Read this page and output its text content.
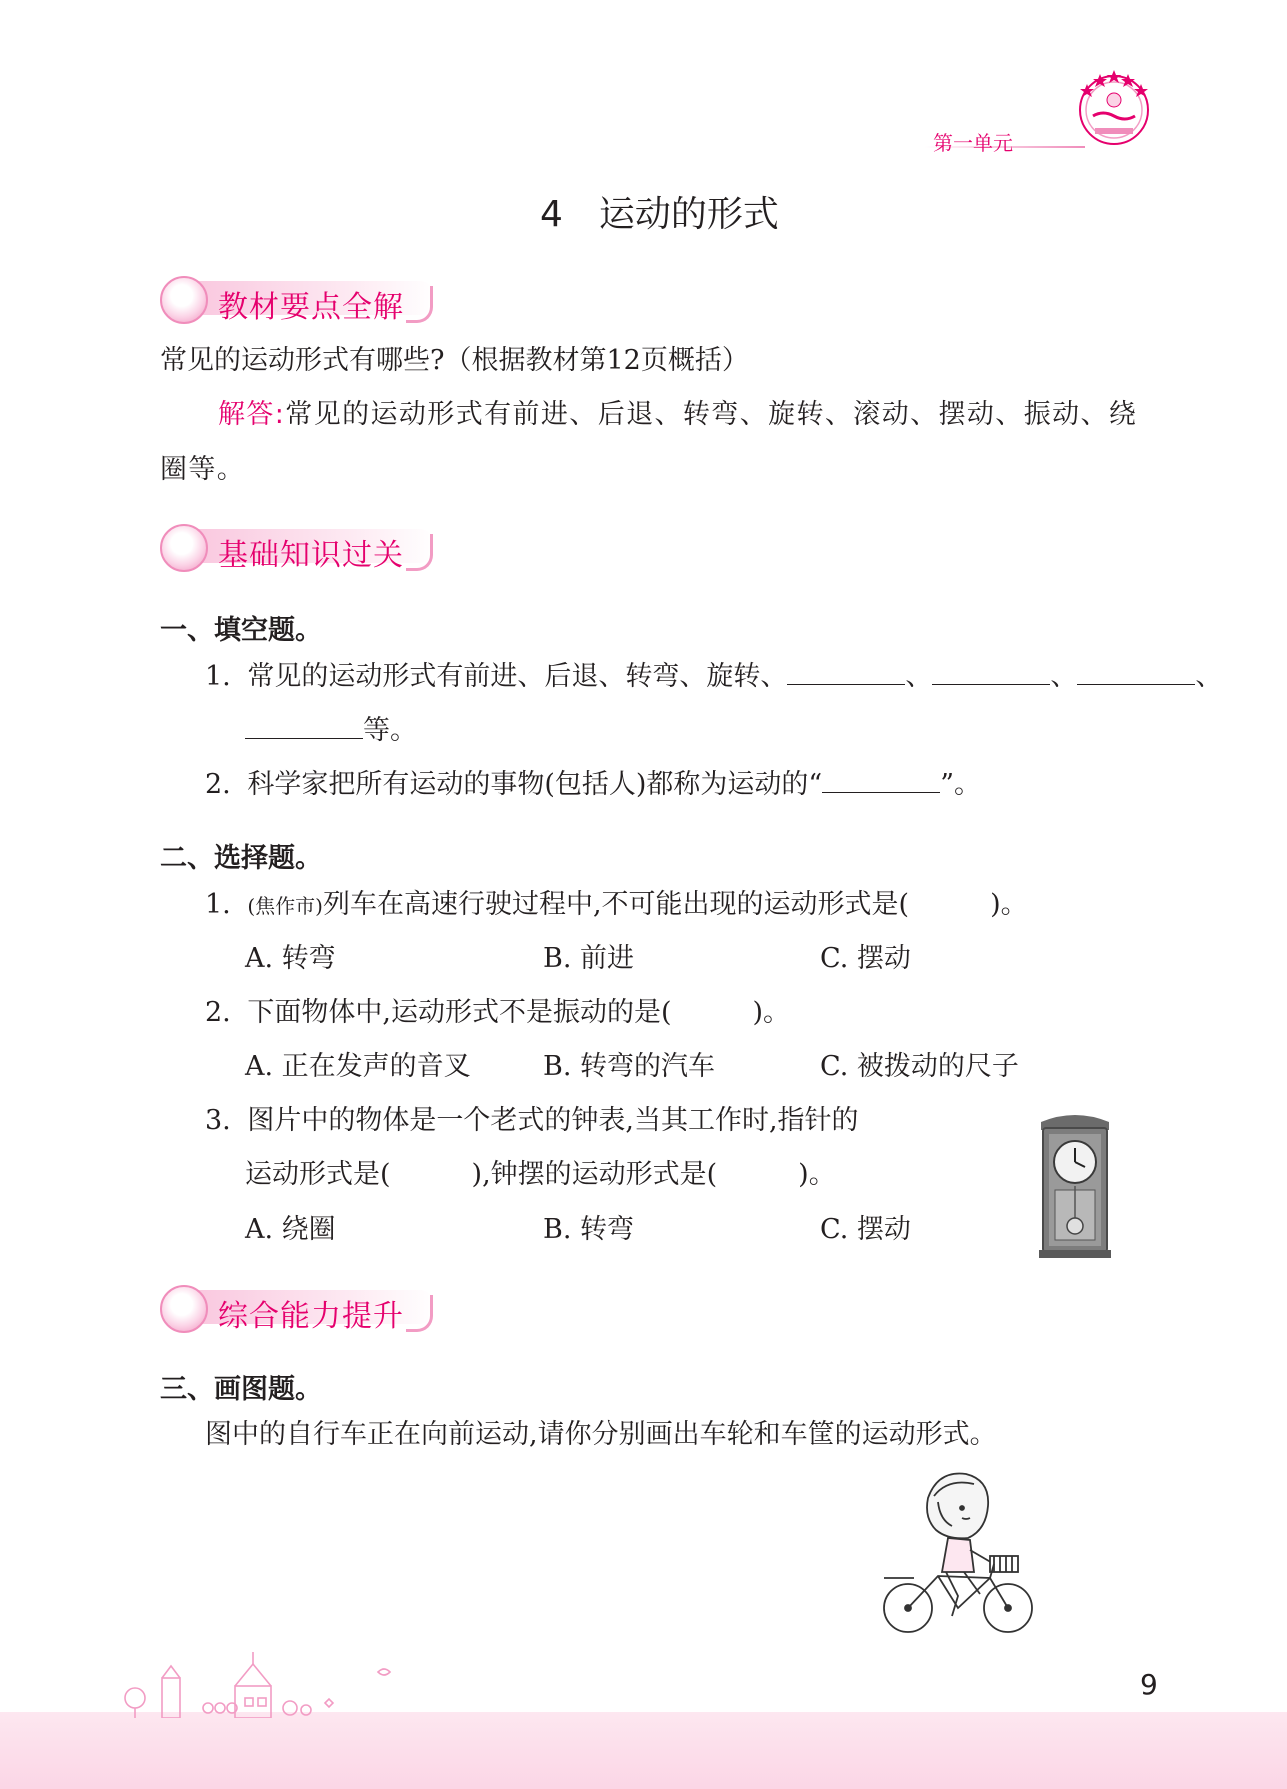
第一单元
4　运动的形式
教材要点全解
常见的运动形式有哪些?（根据教材第12页概括）
解答:常见的运动形式有前进、后退、转弯、旋转、滚动、摆动、振动、绕
圈等。
基础知识过关
一、填空题。
1. 常见的运动形式有前进、后退、转弯、旋转、	、	、	、
等。
2. 科学家把所有运动的事物(包括人)都称为运动的“	”。
二、选择题。
1. (焦作市)列车在高速行驶过程中,不可能出现的运动形式是(　　　)。
A. 转弯	B. 前进	C. 摆动
2. 下面物体中,运动形式不是振动的是(　　　)。
A. 正在发声的音叉	B. 转弯的汽车	C. 被拨动的尺子
3. 图片中的物体是一个老式的钟表,当其工作时,指针的
运动形式是(　　　),钟摆的运动形式是(　　　)。
A. 绕圈	B. 转弯	C. 摆动
综合能力提升
三、画图题。
图中的自行车正在向前运动,请你分别画出车轮和车筐的运动形式。
9
